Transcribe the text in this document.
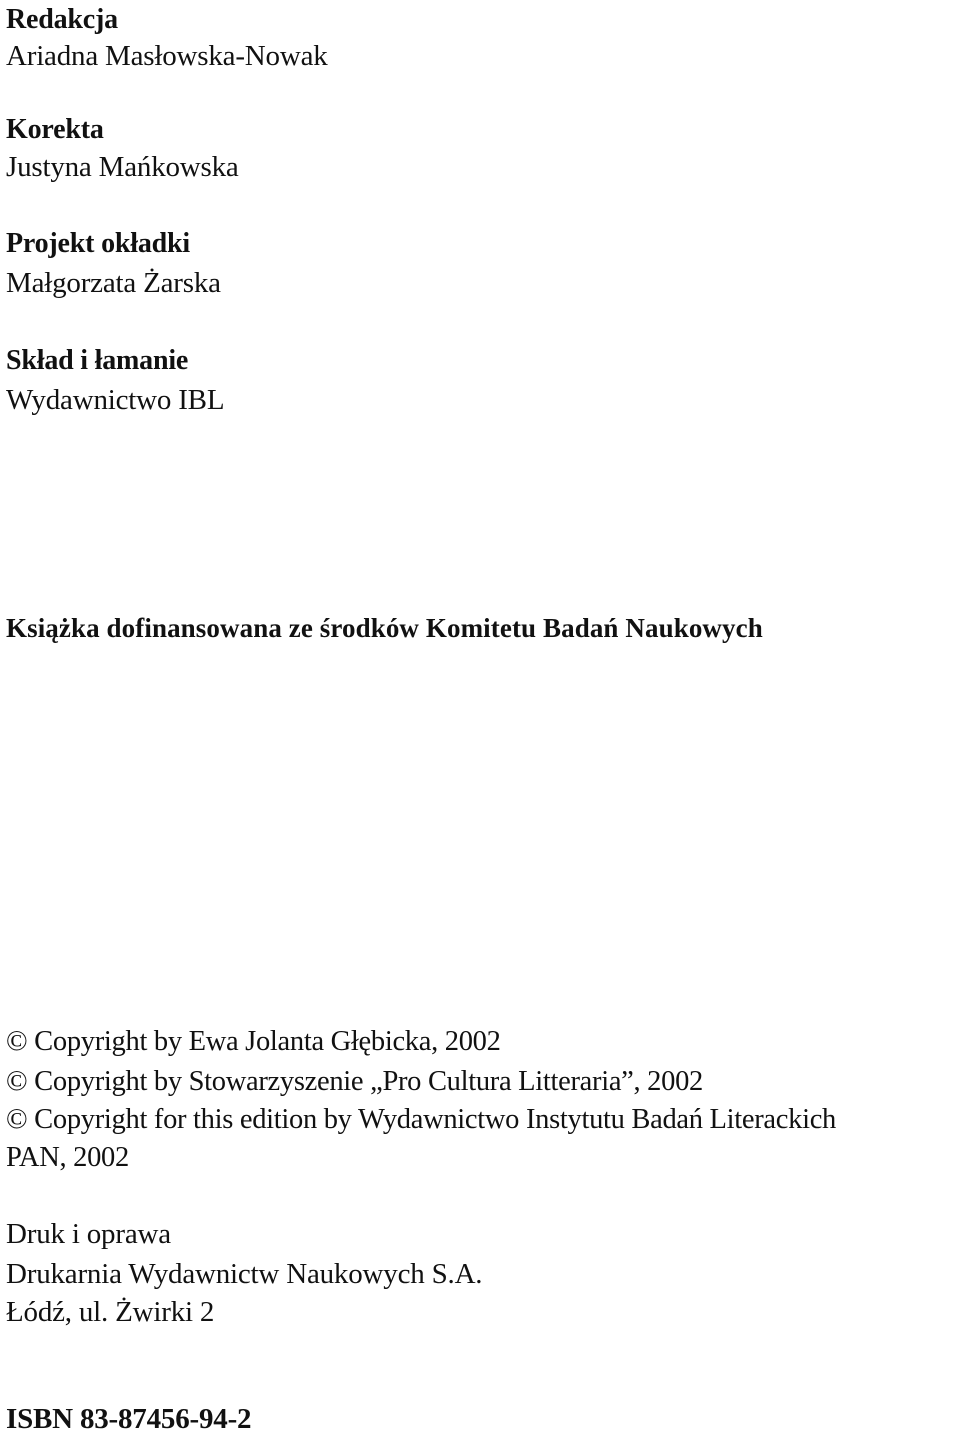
Redakcja
Ariadna Masłowska-Nowak
Korekta
Justyna Mańkowska
Projekt okładki
Małgorzata Żarska
Skład i łamanie
Wydawnictwo IBL
Książka dofinansowana ze środków Komitetu Badań Naukowych
© Copyright by Ewa Jolanta Głębicka, 2002
© Copyright by Stowarzyszenie „Pro Cultura Litteraria”, 2002
© Copyright for this edition by Wydawnictwo Instytutu Badań Literackich
PAN, 2002
Druk i oprawa
Drukarnia Wydawnictw Naukowych S.A.
Łódź, ul. Żwirki 2
ISBN 83-87456-94-2
